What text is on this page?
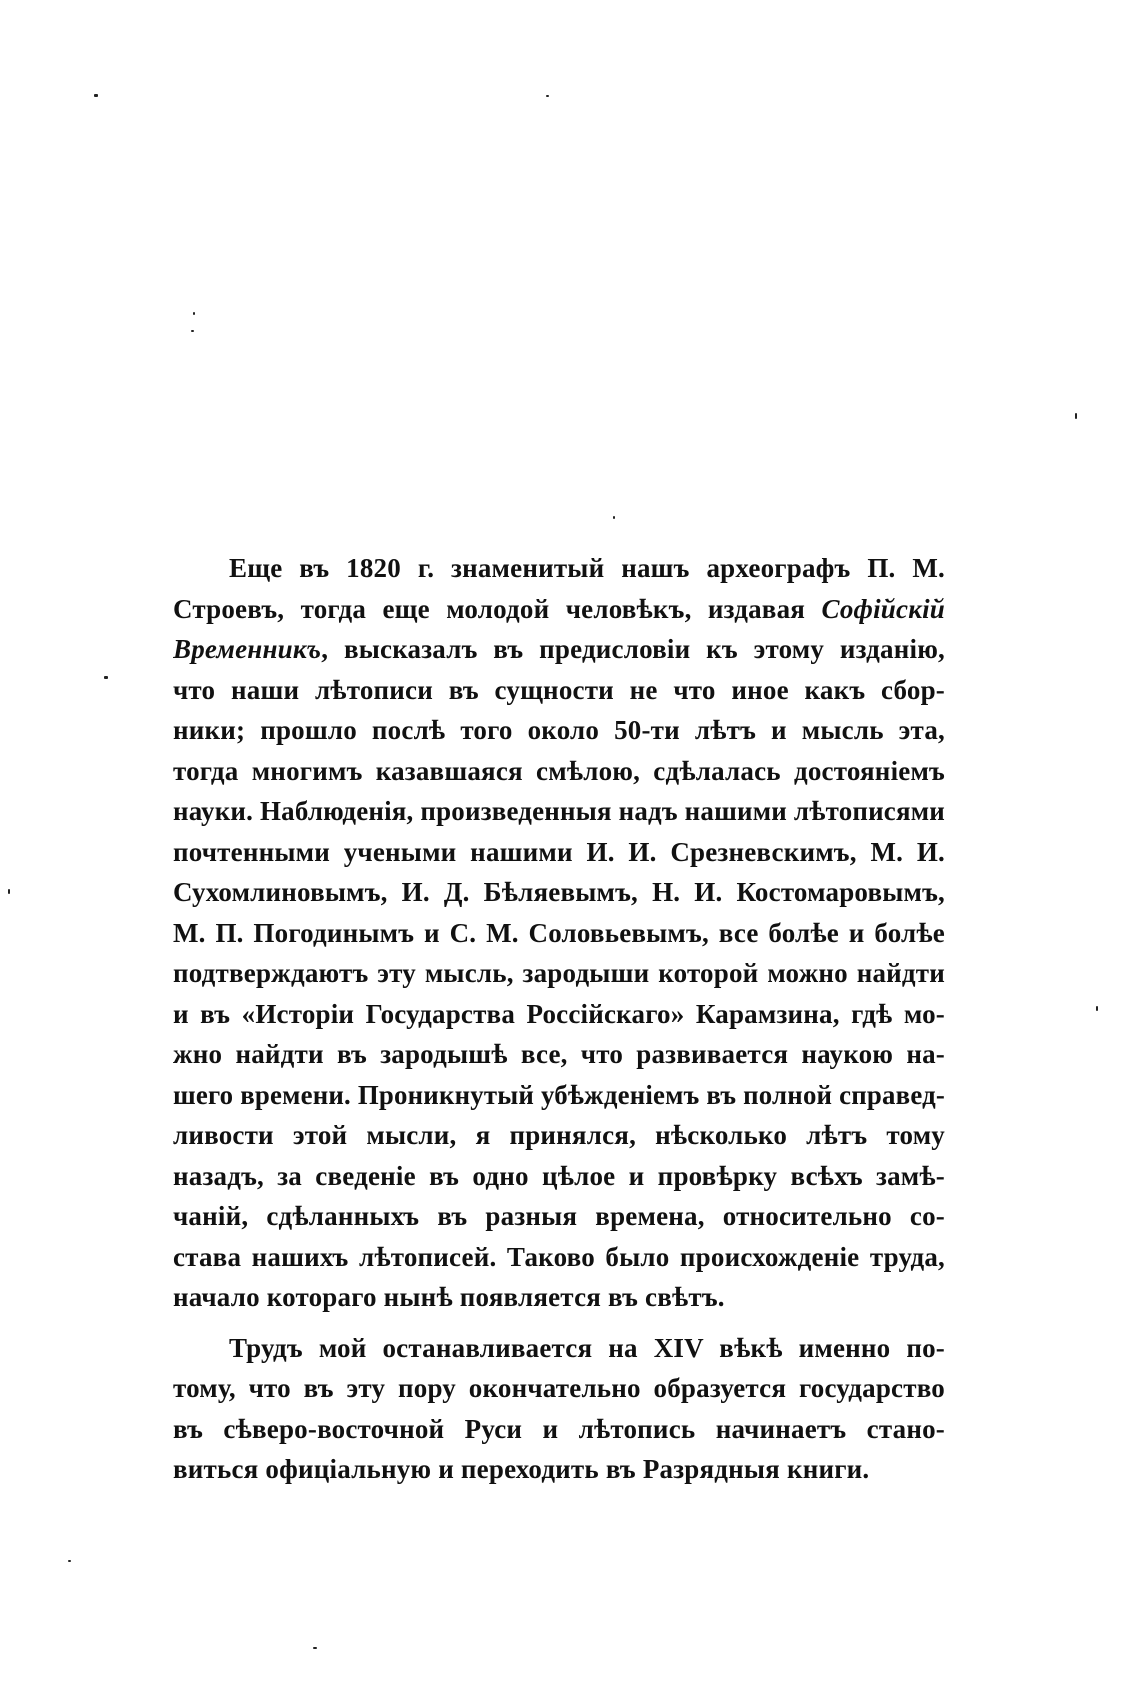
Еще въ 1820 г. знаменитый нашъ археографъ П. М.
Строевъ, тогда еще молодой человѣкъ, издавая Софійскій
Временникъ, высказалъ въ предисловіи къ этому изданію,
что наши лѣтописи въ сущности не что иное какъ сбор-
ники; прошло послѣ того около 50-ти лѣтъ и мысль эта,
тогда многимъ казавшаяся смѣлою, сдѣлалась достояніемъ
науки. Наблюденія, произведенныя надъ нашими лѣтописями
почтенными учеными нашими И. И. Срезневскимъ, М. И.
Сухомлиновымъ, И. Д. Бѣляевымъ, Н. И. Костомаровымъ,
М. П. Погодинымъ и С. М. Соловьевымъ, все болѣе и болѣе
подтверждаютъ эту мысль, зародыши которой можно найдти
и въ «Исторіи Государства Россійскаго» Карамзина, гдѣ мо-
жно найдти въ зародышѣ все, что развивается наукою на-
шего времени. Проникнутый убѣжденіемъ въ полной справед-
ливости этой мысли, я принялся, нѣсколько лѣтъ тому
назадъ, за сведеніе въ одно цѣлое и провѣрку всѣхъ замѣ-
чаній, сдѣланныхъ въ разныя времена, относительно со-
става нашихъ лѣтописей. Таково было происхожденіе труда,
начало котораго нынѣ появляется въ свѣтъ.
Трудъ мой останавливается на XIV вѣкѣ именно по-
тому, что въ эту пору окончательно образуется государство
въ сѣверо-восточной Руси и лѣтопись начинаетъ стано-
виться офиціальную и переходить въ Разрядныя книги.
